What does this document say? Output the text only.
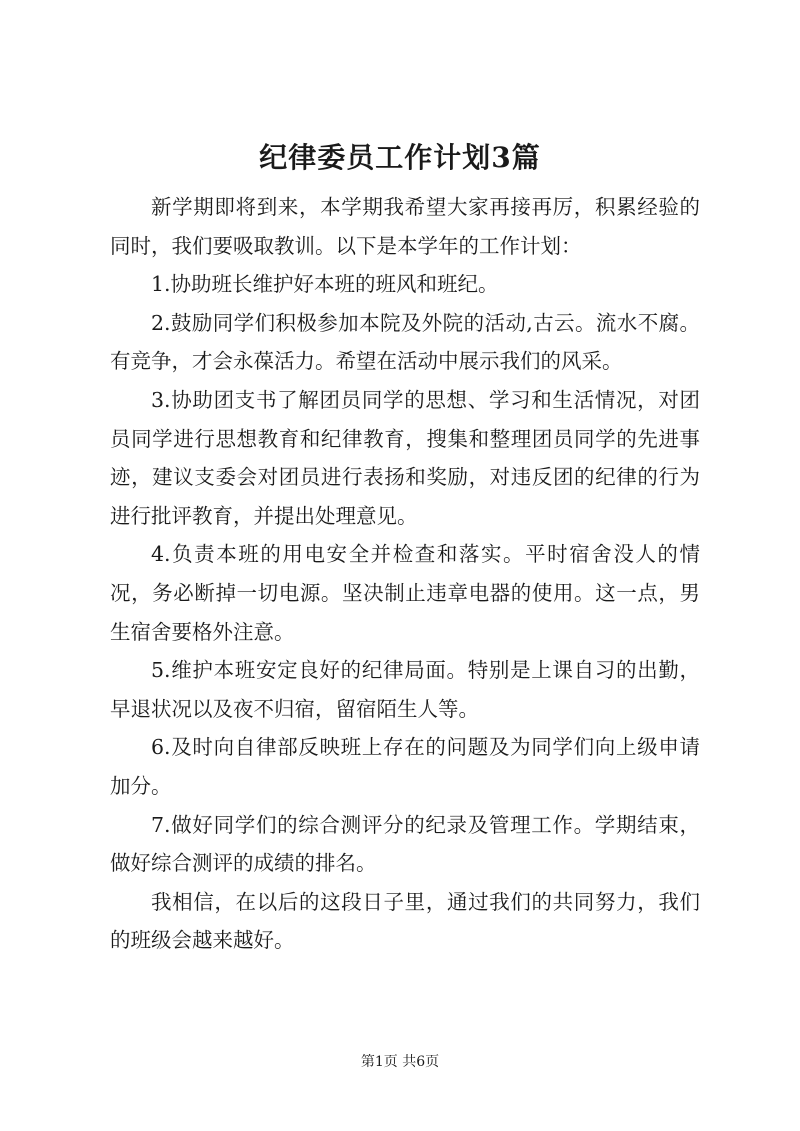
纪律委员工作计划3篇

新学期即将到来，本学期我希望大家再接再厉，积累经验的同时，我们要吸取教训。以下是本学年的工作计划：

1.协助班长维护好本班的班风和班纪。

2.鼓励同学们积极参加本院及外院的活动,古云。流水不腐。有竞争，才会永葆活力。希望在活动中展示我们的风采。

3.协助团支书了解团员同学的思想、学习和生活情况，对团员同学进行思想教育和纪律教育，搜集和整理团员同学的先进事迹，建议支委会对团员进行表扬和奖励，对违反团的纪律的行为进行批评教育，并提出处理意见。

4.负责本班的用电安全并检查和落实。平时宿舍没人的情况，务必断掉一切电源。坚决制止违章电器的使用。这一点，男生宿舍要格外注意。

5.维护本班安定良好的纪律局面。特别是上课自习的出勤，早退状况以及夜不归宿，留宿陌生人等。

6.及时向自律部反映班上存在的问题及为同学们向上级申请加分。

7.做好同学们的综合测评分的纪录及管理工作。学期结束，做好综合测评的成绩的排名。

我相信，在以后的这段日子里，通过我们的共同努力，我们的班级会越来越好。

第1页 共6页
